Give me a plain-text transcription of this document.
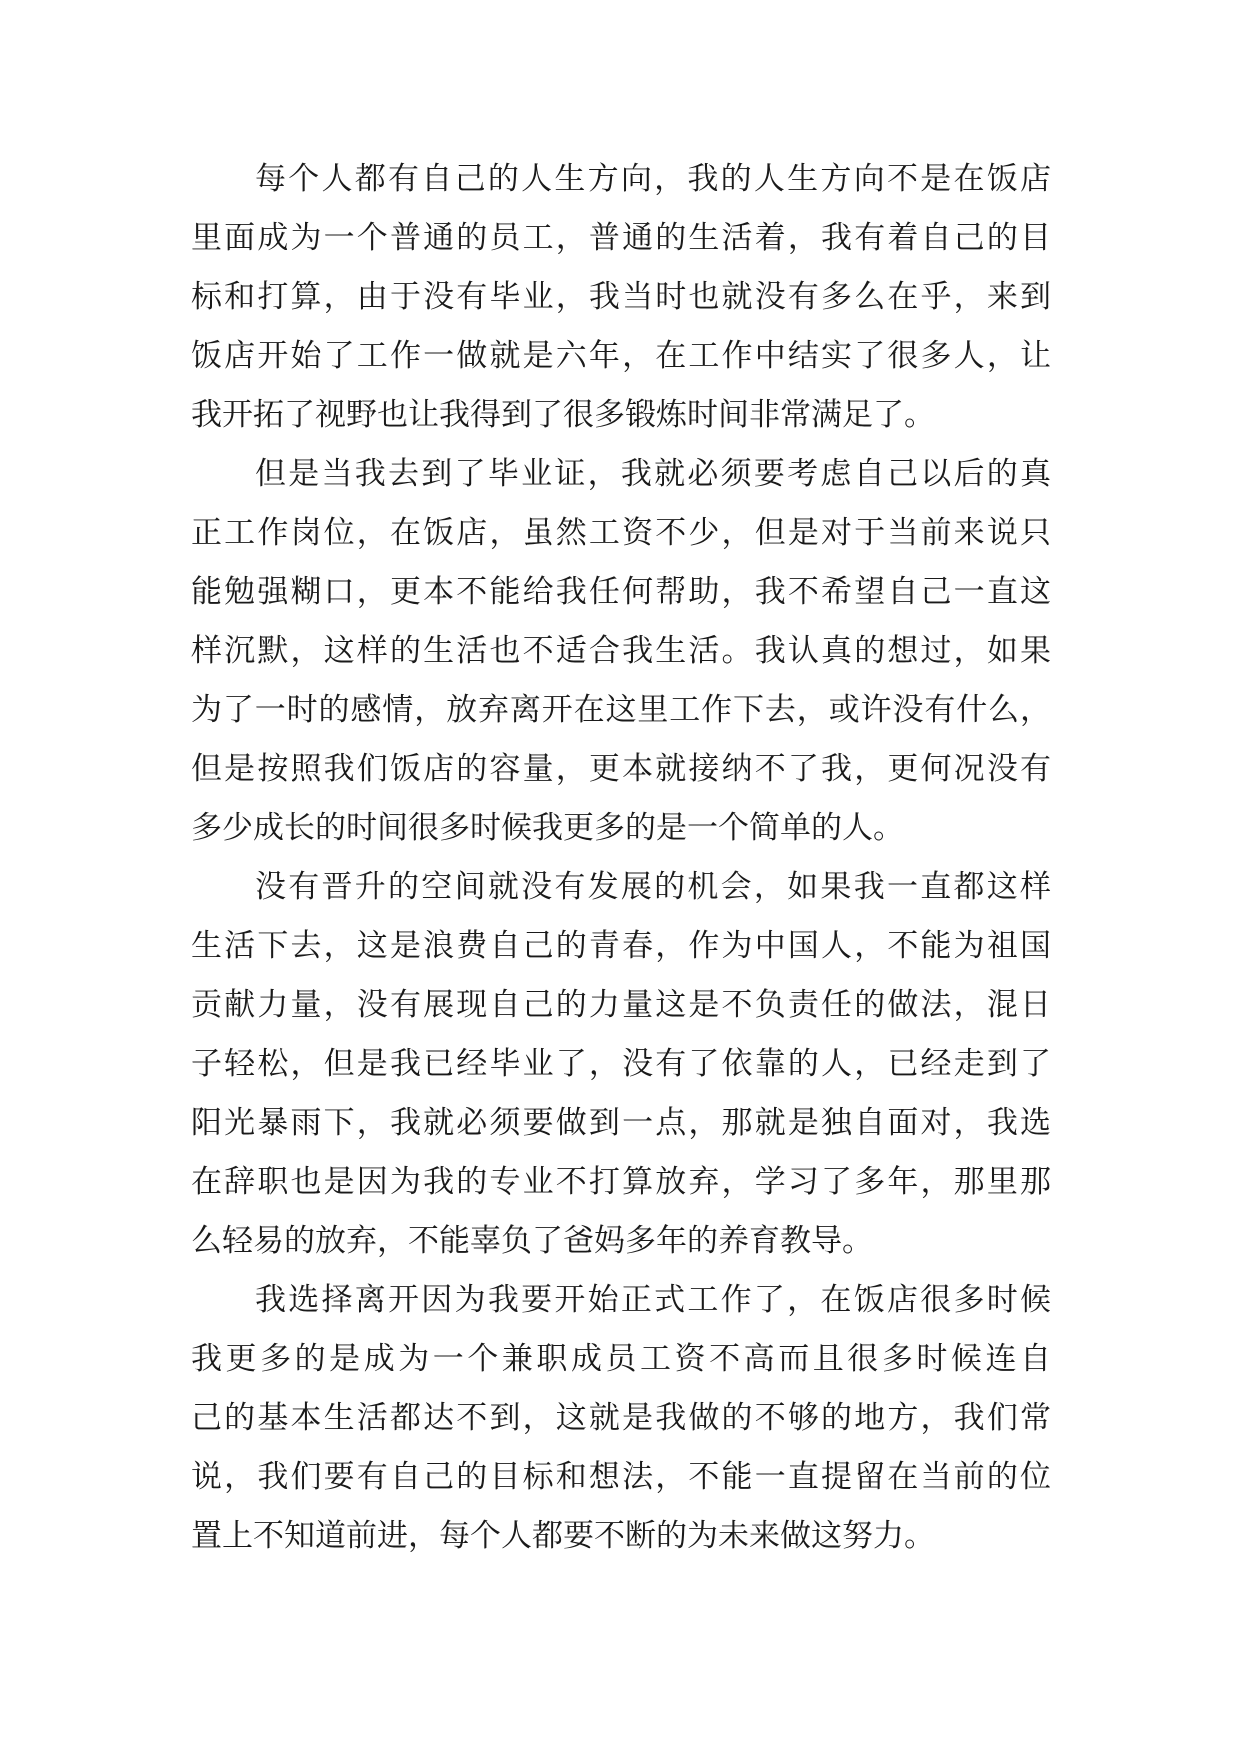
每个人都有自己的人生方向，我的人生方向不是在饭店
里面成为一个普通的员工，普通的生活着，我有着自己的目
标和打算，由于没有毕业，我当时也就没有多么在乎，来到
饭店开始了工作一做就是六年，在工作中结实了很多人，让
我开拓了视野也让我得到了很多锻炼时间非常满足了。
但是当我去到了毕业证，我就必须要考虑自己以后的真
正工作岗位，在饭店，虽然工资不少，但是对于当前来说只
能勉强糊口，更本不能给我任何帮助，我不希望自己一直这
样沉默，这样的生活也不适合我生活。我认真的想过，如果
为了一时的感情，放弃离开在这里工作下去，或许没有什么，
但是按照我们饭店的容量，更本就接纳不了我，更何况没有
多少成长的时间很多时候我更多的是一个简单的人。
没有晋升的空间就没有发展的机会，如果我一直都这样
生活下去，这是浪费自己的青春，作为中国人，不能为祖国
贡献力量，没有展现自己的力量这是不负责任的做法，混日
子轻松，但是我已经毕业了，没有了依靠的人，已经走到了
阳光暴雨下，我就必须要做到一点，那就是独自面对，我选
在辞职也是因为我的专业不打算放弃，学习了多年，那里那
么轻易的放弃，不能辜负了爸妈多年的养育教导。
我选择离开因为我要开始正式工作了，在饭店很多时候
我更多的是成为一个兼职成员工资不高而且很多时候连自
己的基本生活都达不到，这就是我做的不够的地方，我们常
说，我们要有自己的目标和想法，不能一直提留在当前的位
置上不知道前进，每个人都要不断的为未来做这努力。
